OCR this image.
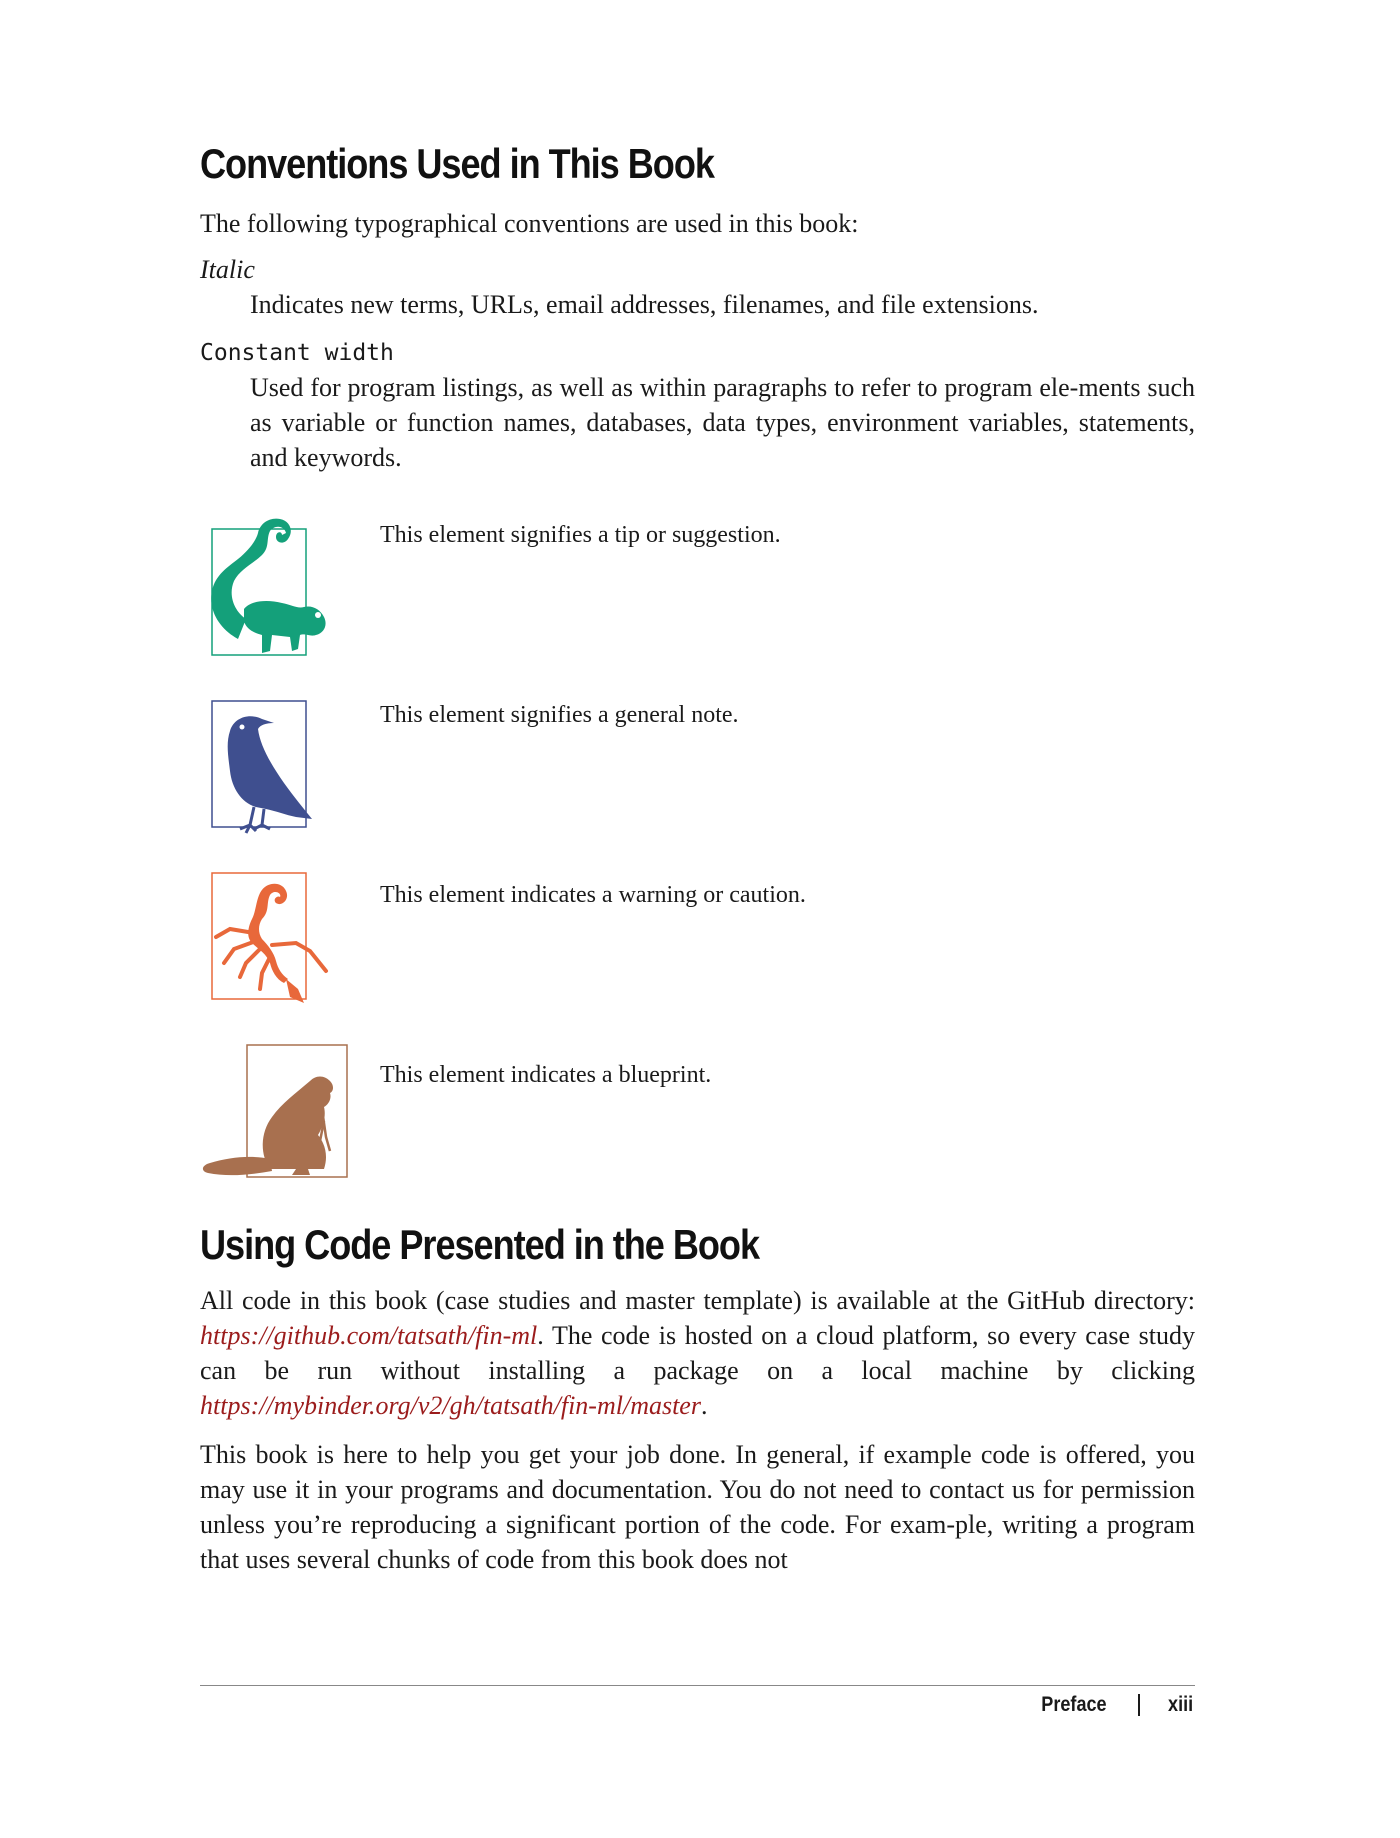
Conventions Used in This Book

The following typographical conventions are used in this book:

Italic

Indicates new terms, URLs, email addresses, filenames, and file extensions.

Constant width

Used for program listings, as well as within paragraphs to refer to program ele-ments such as variable or function names, databases, data types, environment variables, statements, and keywords.

This element signifies a tip or suggestion.
This element signifies a general note.
This element indicates a warning or caution.
This element indicates a blueprint.
Using Code Presented in the Book

All code in this book (case studies and master template) is available at the GitHub directory: https://github.com/tatsath/fin-ml. The code is hosted on a cloud platform, so every case study can be run without installing a package on a local machine by clicking https://mybinder.org/v2/gh/tatsath/fin-ml/master.

This book is here to help you get your job done. In general, if example code is offered, you may use it in your programs and documentation. You do not need to contact us for permission unless you’re reproducing a significant portion of the code. For exam-ple, writing a program that uses several chunks of code from this book does not

Preface	xiii
